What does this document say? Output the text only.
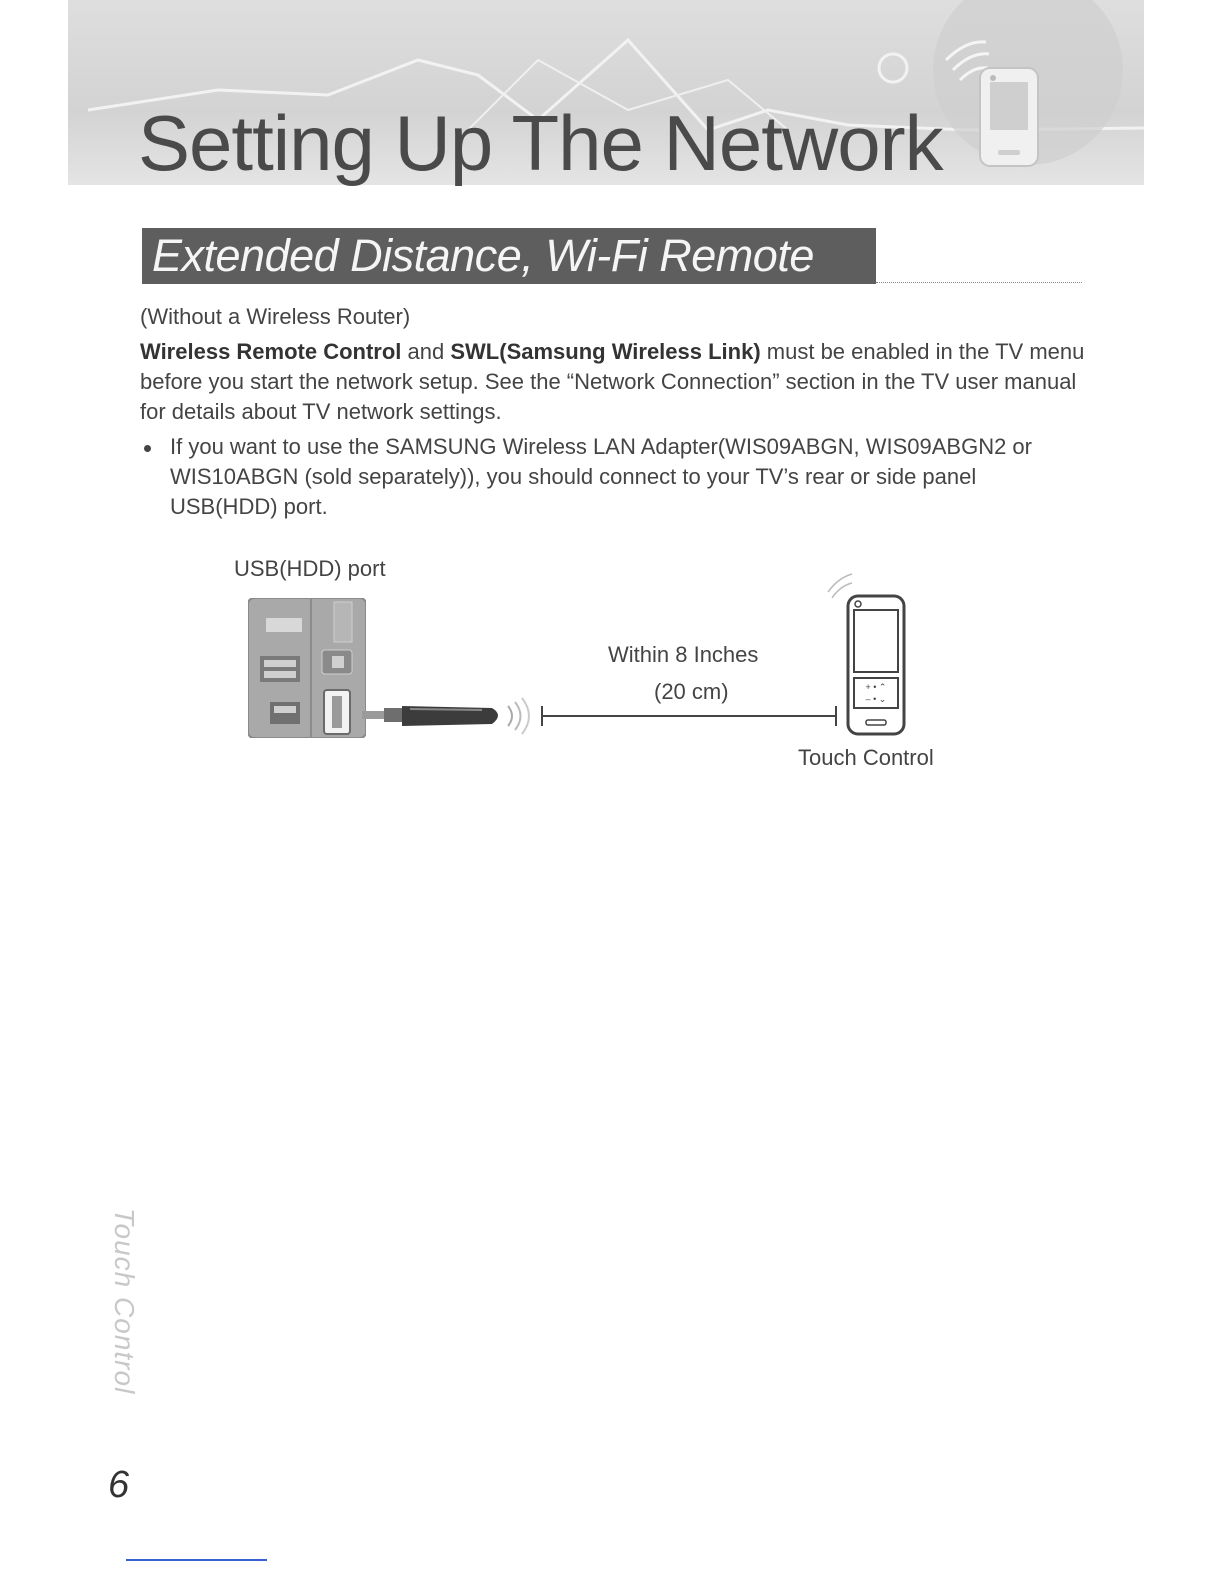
Setting Up The Network
Extended Distance, Wi-Fi Remote
(Without a Wireless Router)
Wireless Remote Control and SWL(Samsung Wireless Link) must be enabled in the TV menu before you start the network setup. See the “Network Connection” section in the TV user manual for details about TV network settings.
If you want to use the SAMSUNG Wireless LAN Adapter(WIS09ABGN, WIS09ABGN2 or WIS10ABGN (sold separately)), you should connect to your TV’s rear or side panel USB(HDD) port.
USB(HDD) port
Within 8 Inches
(20 cm)	+ • ⌃
– • ⌄
Touch Control
Touch Control
6
